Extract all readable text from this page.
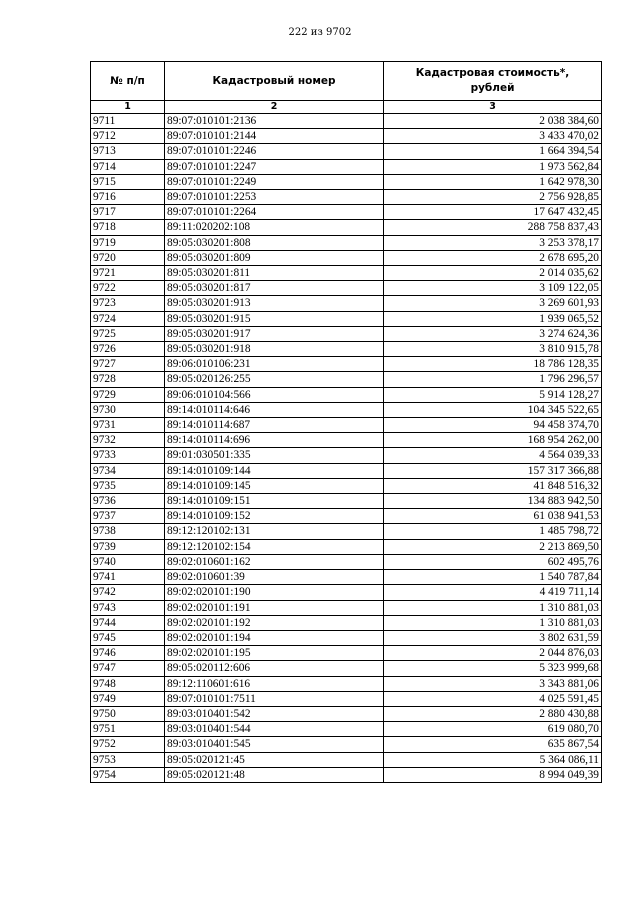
222 из 9702
№ п/п	Кадастровый номер	Кадастровая стоимость*,
рублей
1	2	3
9711	89:07:010101:2136	2 038 384,60
9712	89:07:010101:2144	3 433 470,02
9713	89:07:010101:2246	1 664 394,54
9714	89:07:010101:2247	1 973 562,84
9715	89:07:010101:2249	1 642 978,30
9716	89:07:010101:2253	2 756 928,85
9717	89:07:010101:2264	17 647 432,45
9718	89:11:020202:108	288 758 837,43
9719	89:05:030201:808	3 253 378,17
9720	89:05:030201:809	2 678 695,20
9721	89:05:030201:811	2 014 035,62
9722	89:05:030201:817	3 109 122,05
9723	89:05:030201:913	3 269 601,93
9724	89:05:030201:915	1 939 065,52
9725	89:05:030201:917	3 274 624,36
9726	89:05:030201:918	3 810 915,78
9727	89:06:010106:231	18 786 128,35
9728	89:05:020126:255	1 796 296,57
9729	89:06:010104:566	5 914 128,27
9730	89:14:010114:646	104 345 522,65
9731	89:14:010114:687	94 458 374,70
9732	89:14:010114:696	168 954 262,00
9733	89:01:030501:335	4 564 039,33
9734	89:14:010109:144	157 317 366,88
9735	89:14:010109:145	41 848 516,32
9736	89:14:010109:151	134 883 942,50
9737	89:14:010109:152	61 038 941,53
9738	89:12:120102:131	1 485 798,72
9739	89:12:120102:154	2 213 869,50
9740	89:02:010601:162	602 495,76
9741	89:02:010601:39	1 540 787,84
9742	89:02:020101:190	4 419 711,14
9743	89:02:020101:191	1 310 881,03
9744	89:02:020101:192	1 310 881,03
9745	89:02:020101:194	3 802 631,59
9746	89:02:020101:195	2 044 876,03
9747	89:05:020112:606	5 323 999,68
9748	89:12:110601:616	3 343 881,06
9749	89:07:010101:7511	4 025 591,45
9750	89:03:010401:542	2 880 430,88
9751	89:03:010401:544	619 080,70
9752	89:03:010401:545	635 867,54
9753	89:05:020121:45	5 364 086,11
9754	89:05:020121:48	8 994 049,39
